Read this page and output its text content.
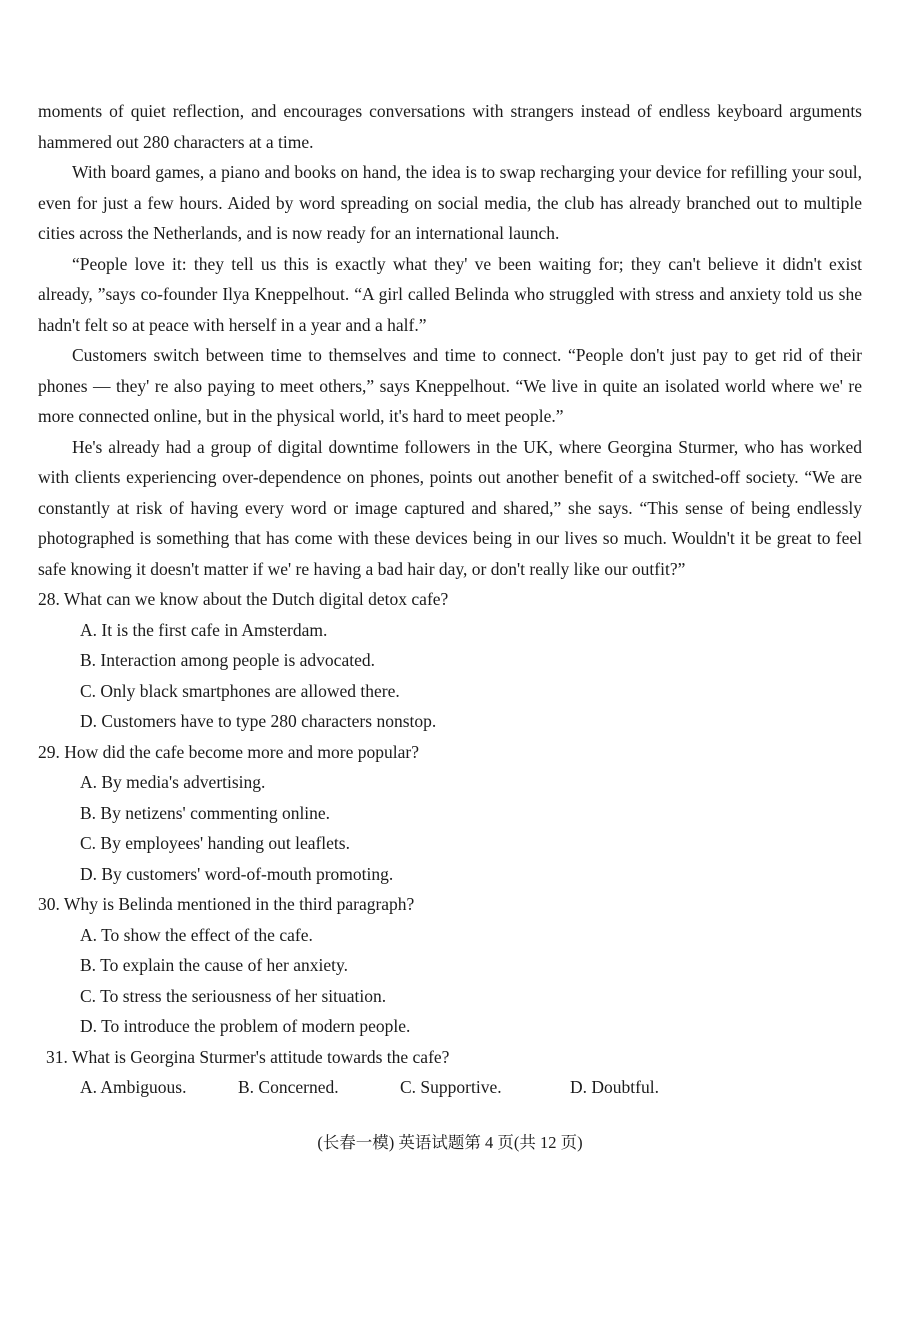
moments of quiet reflection, and encourages conversations with strangers instead of endless keyboard arguments hammered out 280 characters at a time.

With board games, a piano and books on hand, the idea is to swap recharging your device for refilling your soul, even for just a few hours. Aided by word spreading on social media, the club has already branched out to multiple cities across the Netherlands, and is now ready for an international launch.

“People love it: they tell us this is exactly what they' ve been waiting for; they can't believe it didn't exist already, ”says co-founder Ilya Kneppelhout. “A girl called Belinda who struggled with stress and anxiety told us she hadn't felt so at peace with herself in a year and a half.”

Customers switch between time to themselves and time to connect. “People don't just pay to get rid of their phones — they' re also paying to meet others,” says Kneppelhout. “We live in quite an isolated world where we' re more connected online, but in the physical world, it's hard to meet people.”

He's already had a group of digital downtime followers in the UK, where Georgina Sturmer, who has worked with clients experiencing over-dependence on phones, points out another benefit of a switched-off society. “We are constantly at risk of having every word or image captured and shared,” she says. “This sense of being endlessly photographed is something that has come with these devices being in our lives so much. Wouldn't it be great to feel safe knowing it doesn't matter if we' re having a bad hair day, or don't really like our outfit?”

28. What can we know about the Dutch digital detox cafe?
A. It is the first cafe in Amsterdam.
B. Interaction among people is advocated.
C. Only black smartphones are allowed there.
D. Customers have to type 280 characters nonstop.
29. How did the cafe become more and more popular?
A. By media's advertising.
B. By netizens' commenting online.
C. By employees' handing out leaflets.
D. By customers' word-of-mouth promoting.
30. Why is Belinda mentioned in the third paragraph?
A. To show the effect of the cafe.
B. To explain the cause of her anxiety.
C. To stress the seriousness of her situation.
D. To introduce the problem of modern people.
31. What is Georgina Sturmer's attitude towards the cafe?
A. Ambiguous.	B. Concerned.	C. Supportive.	D. Doubtful.
(长春一模) 英语试题第 4 页(共 12 页)
